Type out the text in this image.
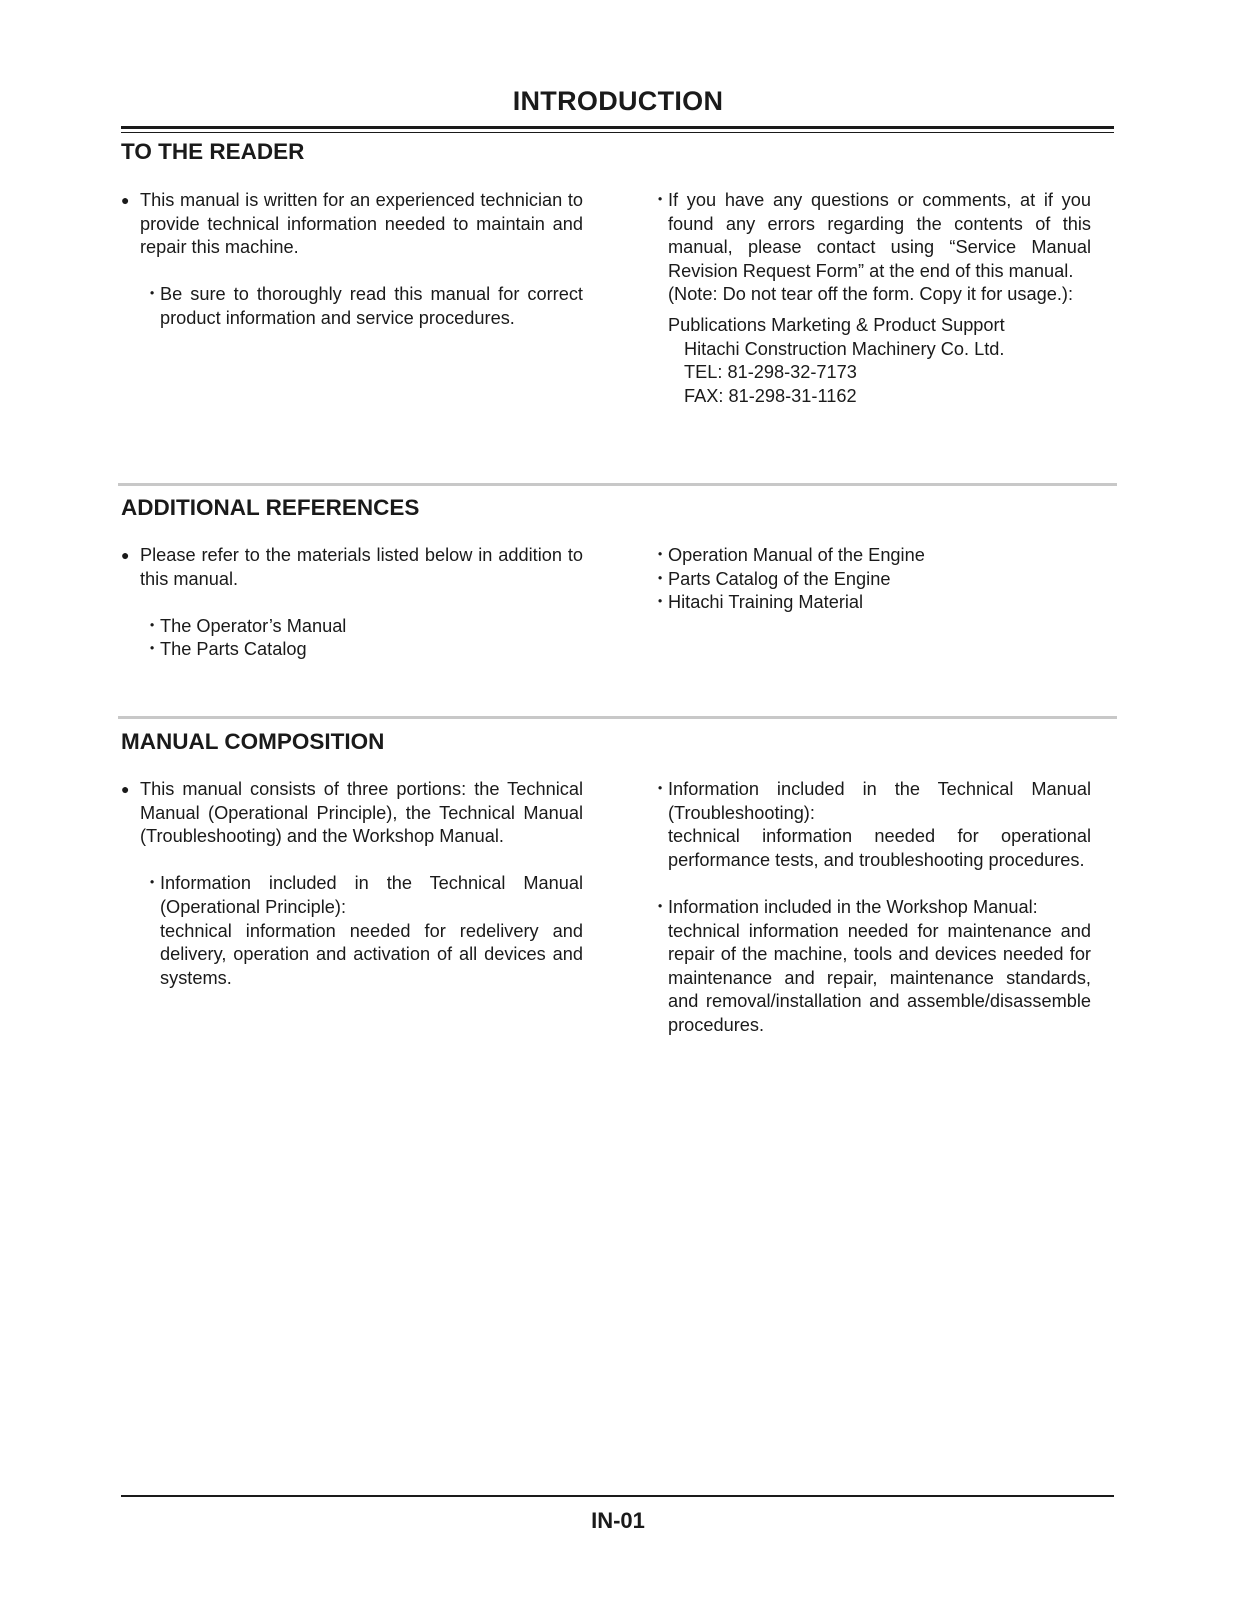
INTRODUCTION
TO THE READER
● This manual is written for an experienced technician to provide technical information needed to maintain and repair this machine.

・

Be sure to thoroughly read this manual for correct product information and service procedures.

・

If you have any questions or comments, at if you found any errors regarding the contents of this manual, please contact using “Service Manual Revision Request Form” at the end of this manual.

(Note: Do not tear off the form. Copy it for usage.):

Publications Marketing & Product Support

Hitachi Construction Machinery Co. Ltd.

TEL: 81-298-32-7173

FAX: 81-298-31-1162

ADDITIONAL REFERENCES
● Please refer to the materials listed below in addition to this manual.

・

The Operator’s Manual

・

The Parts Catalog

・

Operation Manual of the Engine

・

Parts Catalog of the Engine

・

Hitachi Training Material

MANUAL COMPOSITION
● This manual consists of three portions: the Technical Manual (Operational Principle), the Technical Manual (Troubleshooting) and the Workshop Manual.

・

Information included in the Technical Manual (Operational Principle):

technical information needed for redelivery and delivery, operation and activation of all devices and systems.

・

Information included in the Technical Manual (Troubleshooting):

technical information needed for operational performance tests, and troubleshooting procedures.

・

Information included in the Workshop Manual:

technical information needed for maintenance and repair of the machine, tools and devices needed for maintenance and repair, maintenance standards, and removal/installation and assemble/disassemble procedures.

IN-01
